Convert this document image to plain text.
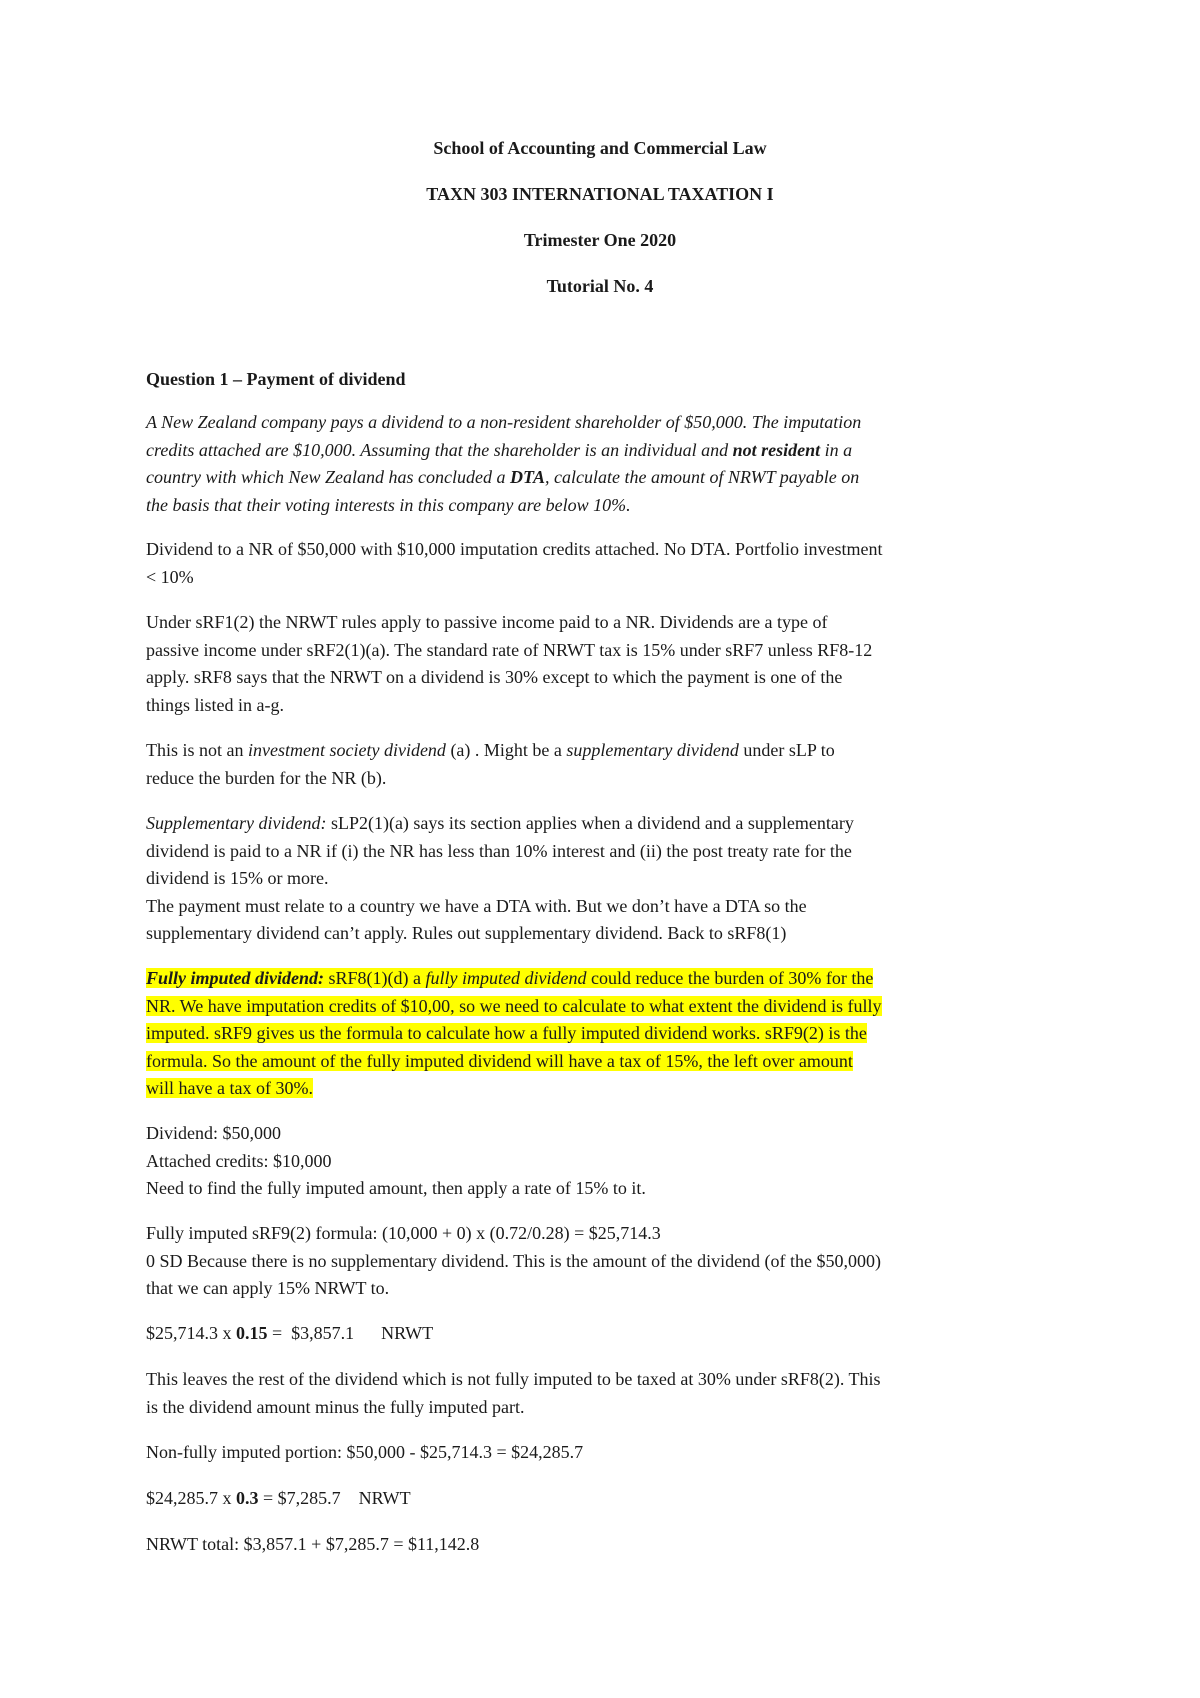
School of Accounting and Commercial Law
TAXN 303 INTERNATIONAL TAXATION I
Trimester One 2020
Tutorial No. 4
Question 1 – Payment of dividend
A New Zealand company pays a dividend to a non-resident shareholder of $50,000. The imputation
credits attached are $10,000. Assuming that the shareholder is an individual and not resident in a
country with which New Zealand has concluded a DTA, calculate the amount of NRWT payable on
the basis that their voting interests in this company are below 10%.
Dividend to a NR of $50,000 with $10,000 imputation credits attached. No DTA. Portfolio investment
< 10%
Under sRF1(2) the NRWT rules apply to passive income paid to a NR. Dividends are a type of
passive income under sRF2(1)(a). The standard rate of NRWT tax is 15% under sRF7 unless RF8-12
apply. sRF8 says that the NRWT on a dividend is 30% except to which the payment is one of the
things listed in a-g.
This is not an investment society dividend (a) . Might be a supplementary dividend under sLP to
reduce the burden for the NR (b).
Supplementary dividend: sLP2(1)(a) says its section applies when a dividend and a supplementary
dividend is paid to a NR if (i) the NR has less than 10% interest and (ii) the post treaty rate for the
dividend is 15% or more.
The payment must relate to a country we have a DTA with. But we don’t have a DTA so the
supplementary dividend can’t apply. Rules out supplementary dividend. Back to sRF8(1)
Fully imputed dividend: sRF8(1)(d) a fully imputed dividend could reduce the burden of 30% for the
NR. We have imputation credits of $10,00, so we need to calculate to what extent the dividend is fully
imputed. sRF9 gives us the formula to calculate how a fully imputed dividend works. sRF9(2) is the
formula. So the amount of the fully imputed dividend will have a tax of 15%, the left over amount
will have a tax of 30%.
Dividend: $50,000
Attached credits: $10,000
Need to find the fully imputed amount, then apply a rate of 15% to it.
Fully imputed sRF9(2) formula: (10,000 + 0) x (0.72/0.28) = $25,714.3
0 SD Because there is no supplementary dividend. This is the amount of the dividend (of the $50,000)
that we can apply 15% NRWT to.
$25,714.3 x 0.15 =  $3,857.1      NRWT
This leaves the rest of the dividend which is not fully imputed to be taxed at 30% under sRF8(2). This
is the dividend amount minus the fully imputed part.
Non-fully imputed portion: $50,000 - $25,714.3 = $24,285.7
$24,285.7 x 0.3 = $7,285.7    NRWT
NRWT total: $3,857.1 + $7,285.7 = $11,142.8
